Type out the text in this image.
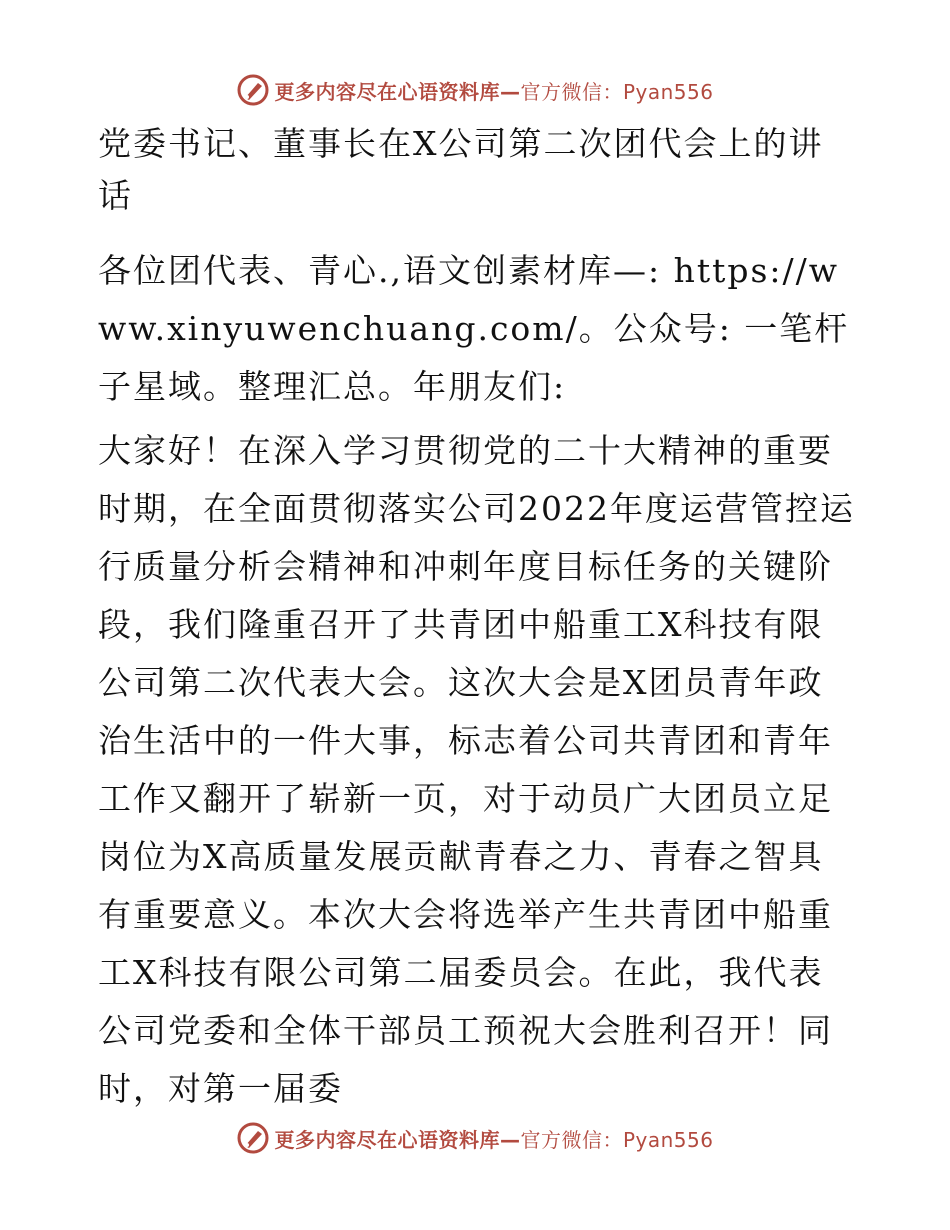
更多内容尽在心语资料库— 官方微信：Pyan556
党委书记、董事长在X公司第二次团代会上的讲话

各位团代表、青心.,语文创素材库—: https://www.xinyuwenchuang.com/。公众号: 一笔杆子星域。整理汇总。年朋友们:

大家好！在深入学习贯彻党的二十大精神的重要时期，在全面贯彻落实公司2022年度运营管控运行质量分析会精神和冲刺年度目标任务的关键阶段，我们隆重召开了共青团中船重工X科技有限公司第二次代表大会。这次大会是X团员青年政治生活中的一件大事，标志着公司共青团和青年工作又翻开了崭新一页，对于动员广大团员立足岗位为X高质量发展贡献青春之力、青春之智具有重要意义。本次大会将选举产生共青团中船重工X科技有限公司第二届委员会。在此，我代表公司党委和全体干部员工预祝大会胜利召开！同时，对第一届委

更多内容尽在心语资料库— 官方微信：Pyan556
